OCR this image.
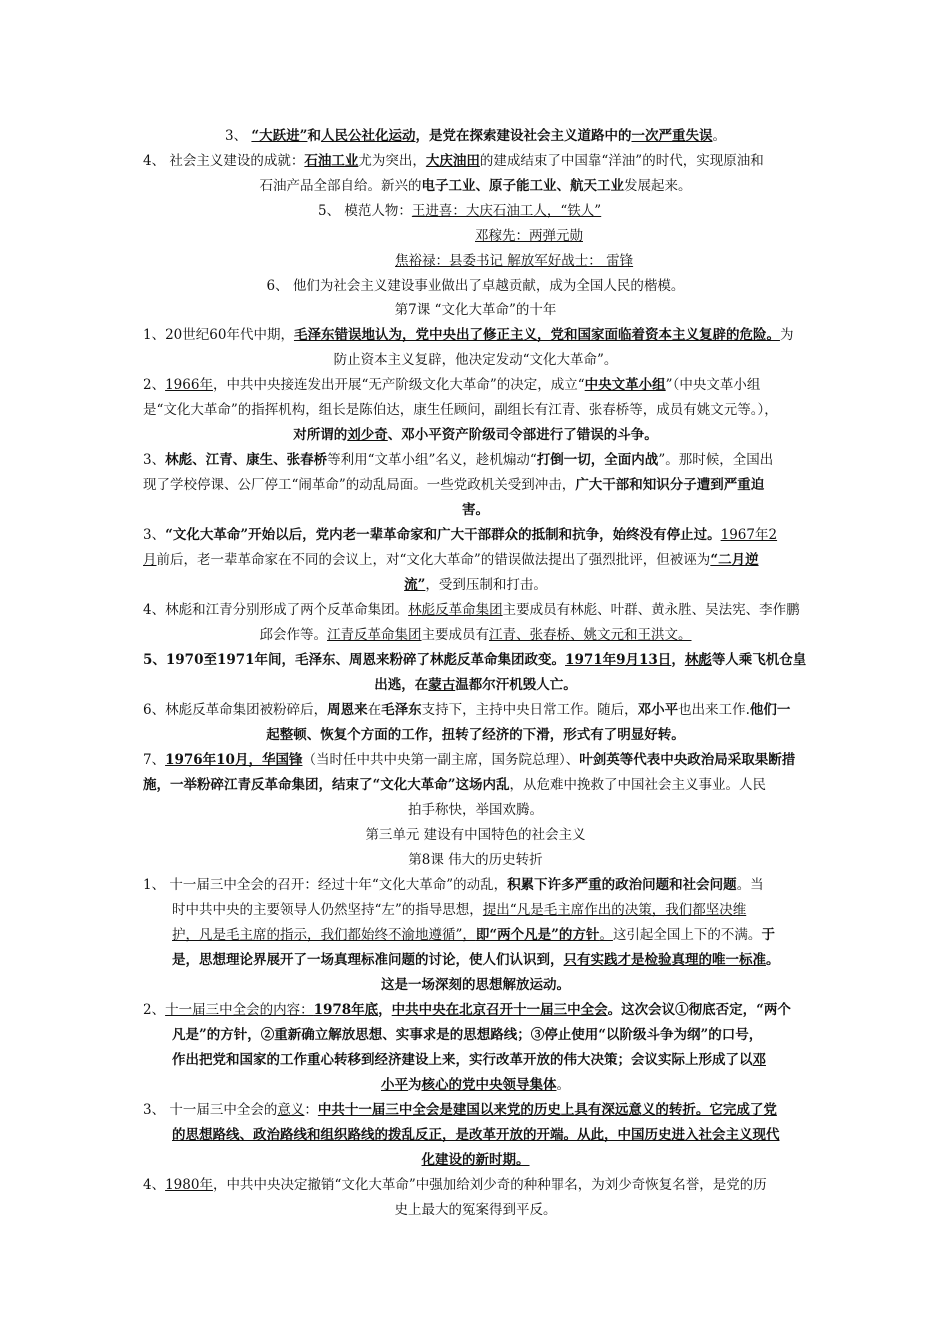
3、 “大跃进”和人民公社化运动，是党在探索建设社会主义道路中的一次严重失误。
4、 社会主义建设的成就：石油工业尤为突出，大庆油田的建成结束了中国靠“洋油”的时代，实现原油和
石油产品全部自给。新兴的电子工业、原子能工业、航天工业发展起来。
5、 模范人物：王进喜：大庆石油工人，“铁人”
邓稼先：两弹元勋
焦裕禄：县委书记 解放军好战士： 雷锋
6、 他们为社会主义建设事业做出了卓越贡献，成为全国人民的楷模。
第7课 “文化大革命”的十年
1、20世纪60年代中期，毛泽东错误地认为，党中央出了修正主义，党和国家面临着资本主义复辟的危险。为
防止资本主义复辟，他决定发动“文化大革命”。
2、1966年，中共中央接连发出开展“无产阶级文化大革命”的决定，成立“中央文革小组”（中央文革小组
是“文化大革命”的指挥机构，组长是陈伯达，康生任顾问，副组长有江青、张春桥等，成员有姚文元等。），
对所谓的刘少奇、邓小平资产阶级司令部进行了错误的斗争。
3、林彪、江青、康生、张春桥等利用“文革小组”名义，趁机煽动“打倒一切，全面内战”。那时候，全国出
现了学校停课、公厂停工“闹革命”的动乱局面。一些党政机关受到冲击，广大干部和知识分子遭到严重迫
害。
3、“文化大革命”开始以后，党内老一辈革命家和广大干部群众的抵制和抗争，始终没有停止过。1967年2
月前后，老一辈革命家在不同的会议上，对“文化大革命”的错误做法提出了强烈批评，但被诬为“二月逆
流”，受到压制和打击。
4、林彪和江青分别形成了两个反革命集团。林彪反革命集团主要成员有林彪、叶群、黄永胜、吴法宪、李作鹏
邱会作等。江青反革命集团主要成员有江青、张春桥、姚文元和王洪文。
5、1970至1971年间，毛泽东、周恩来粉碎了林彪反革命集团政变。1971年9月13日，林彪等人乘飞机仓皇
出逃，在蒙古温都尔汗机毁人亡。
6、林彪反革命集团被粉碎后，周恩来在毛泽东支持下，主持中央日常工作。随后，邓小平也出来工作.他们一
起整顿、恢复个方面的工作，扭转了经济的下滑，形式有了明显好转。
7、1976年10月，华国锋（当时任中共中央第一副主席，国务院总理）、叶剑英等代表中央政治局采取果断措
施，一举粉碎江青反革命集团，结束了“文化大革命”这场内乱，从危难中挽救了中国社会主义事业。人民
拍手称快，举国欢腾。
第三单元 建设有中国特色的社会主义
第8课 伟大的历史转折
1、 十一届三中全会的召开：经过十年“文化大革命”的动乱，积累下许多严重的政治问题和社会问题。当
时中共中央的主要领导人仍然坚持“左”的指导思想，提出“凡是毛主席作出的决策，我们都坚决维
护，凡是毛主席的指示，我们都始终不渝地遵循”，即“两个凡是”的方针。这引起全国上下的不满。于
是，思想理论界展开了一场真理标准问题的讨论，使人们认识到，只有实践才是检验真理的唯一标准。
这是一场深刻的思想解放运动。
2、十一届三中全会的内容：1978年底，中共中央在北京召开十一届三中全会。这次会议①彻底否定，“两个
凡是”的方针，②重新确立解放思想、实事求是的思想路线；③停止使用“以阶级斗争为纲”的口号，
作出把党和国家的工作重心转移到经济建设上来，实行改革开放的伟大决策；会议实际上形成了以邓
小平为核心的党中央领导集体。
3、 十一届三中全会的意义：中共十一届三中全会是建国以来党的历史上具有深远意义的转折。它完成了党
的思想路线、政治路线和组织路线的拨乱反正，是改革开放的开端。从此，中国历史进入社会主义现代
化建设的新时期。
4、1980年，中共中央决定撤销“文化大革命”中强加给刘少奇的种种罪名，为刘少奇恢复名誉，是党的历
史上最大的冤案得到平反。
